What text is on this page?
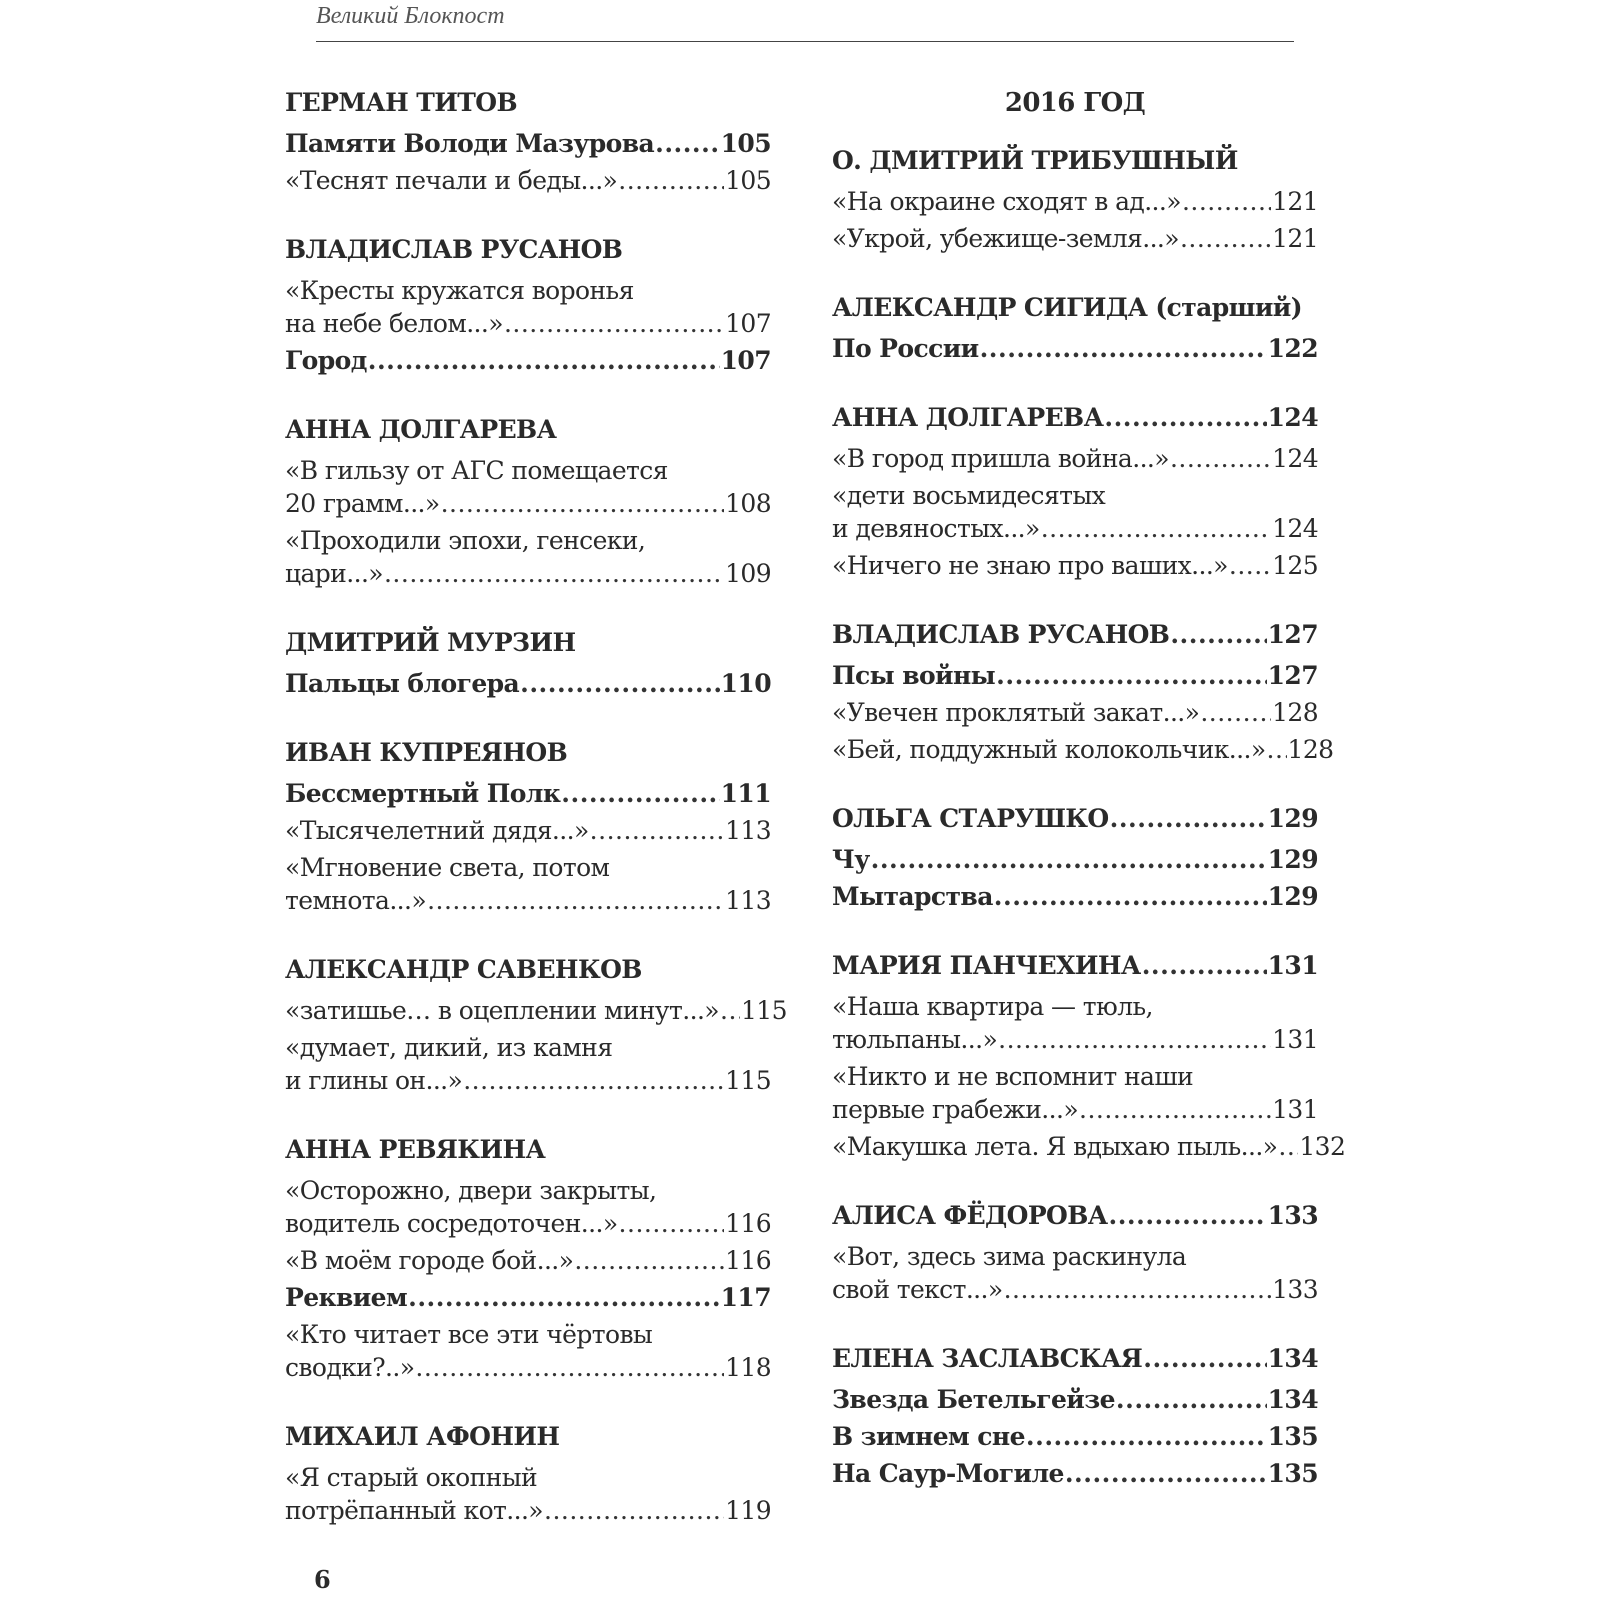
Великий Блокпост
ГЕРМАН ТИТОВ
Памяти Володи Мазурова .....	105
«Теснят печали и беды...» .....	105
ВЛАДИСЛАВ РУСАНОВ
«Кресты кружатся воронья
на небе белом...» .....	107
Город .....	107
АННА ДОЛГАРЕВА
«В гильзу от АГС помещается
20 грамм...» .....	108
«Проходили эпохи, генсеки,
цари...» .....	109
ДМИТРИЙ МУРЗИН
Пальцы блогера .....	110
ИВАН КУПРЕЯНОВ
Бессмертный Полк .....	111
«Тысячелетний дядя...» .....	113
«Мгновение света, потом
темнота...» .....	113
АЛЕКСАНДР САВЕНКОВ
«затишье… в оцеплении минут...» ..... 115
«думает, дикий, из камня
и глины он...» .....	115
АННА РЕВЯКИНА
«Осторожно, двери закрыты,
водитель сосредоточен...» .....	116
«В моём городе бой...» .....	116
Реквием .....	117
«Кто читает все эти чёртовы
сводки?..» .....	118
МИХАИЛ АФОНИН
«Я старый окопный
потрёпанный кот...» .....	119
2016 ГОД
О. ДМИТРИЙ ТРИБУШНЫЙ
«На окраине сходят в ад...» .....	121
«Укрой, убежище-земля...» .....	121
АЛЕКСАНДР СИГИДА (старший)
По России .....	122
АННА ДОЛГАРЕВА .....	124
«В город пришла война...» .....	124
«дети восьмидесятых
и девяностых...» .....	124
«Ничего не знаю про ваших...» ..... 125
ВЛАДИСЛАВ РУСАНОВ .....	127
Псы войны .....	127
«Увечен проклятый закат...» .....	128
«Бей, поддужный колокольчик...» ..... 128
ОЛЬГА СТАРУШКО .....	129
Чу .....	129
Мытарства .....	129
МАРИЯ ПАНЧЕХИНА .....	131
«Наша квартира — тюль,
тюльпаны...» .....	131
«Никто и не вспомнит наши
первые грабежи...» .....	131
«Макушка лета. Я вдыхаю пыль...» ..... 132
АЛИСА ФЁДОРОВА .....	133
«Вот, здесь зима раскинула
свой текст...» .....	133
ЕЛЕНА ЗАСЛАВСКАЯ .....	134
Звезда Бетельгейзе .....	134
В зимнем сне .....	135
На Саур-Могиле .....	135
6
